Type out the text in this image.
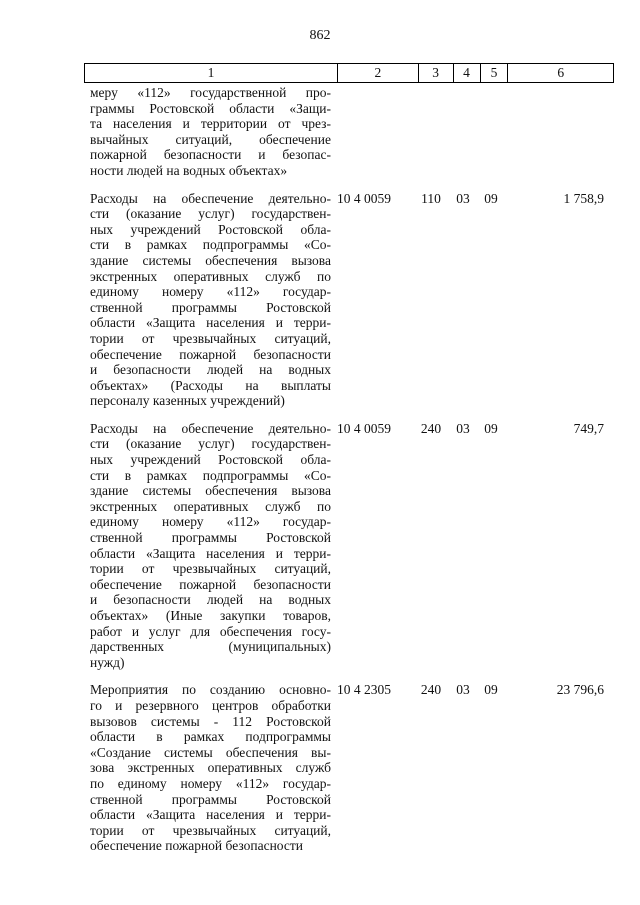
862
1	2	3	4	5	6
меру «112» государственной про-
граммы Ростовской области «Защи-
та населения и территории от чрез-
вычайных ситуаций, обеспечение
пожарной безопасности и безопас-
ности людей на водных объектах»
Расходы на обеспечение деятельно-
сти (оказание услуг) государствен-
ных учреждений Ростовской обла-
сти в рамках подпрограммы «Со-
здание системы обеспечения вызова
экстренных оперативных служб по
единому номеру «112» государ-
ственной программы Ростовской
области «Защита населения и терри-
тории от чрезвычайных ситуаций,
обеспечение пожарной безопасности
и безопасности людей на водных
объектах» (Расходы на выплаты
персоналу казенных учреждений)
10 4 0059	110	03	09	1 758,9
Расходы на обеспечение деятельно-
сти (оказание услуг) государствен-
ных учреждений Ростовской обла-
сти в рамках подпрограммы «Со-
здание системы обеспечения вызова
экстренных оперативных служб по
единому номеру «112» государ-
ственной программы Ростовской
области «Защита населения и терри-
тории от чрезвычайных ситуаций,
обеспечение пожарной безопасности
и безопасности людей на водных
объектах» (Иные закупки товаров,
работ и услуг для обеспечения госу-
дарственных (муниципальных)
нужд)
10 4 0059	240	03	09	749,7
Мероприятия по созданию основно-
го и резервного центров обработки
вызовов системы - 112 Ростовской
области в рамках подпрограммы
«Создание системы обеспечения вы-
зова экстренных оперативных служб
по единому номеру «112» государ-
ственной программы Ростовской
области «Защита населения и терри-
тории от чрезвычайных ситуаций,
обеспечение пожарной безопасности
10 4 2305	240	03	09	23 796,6
